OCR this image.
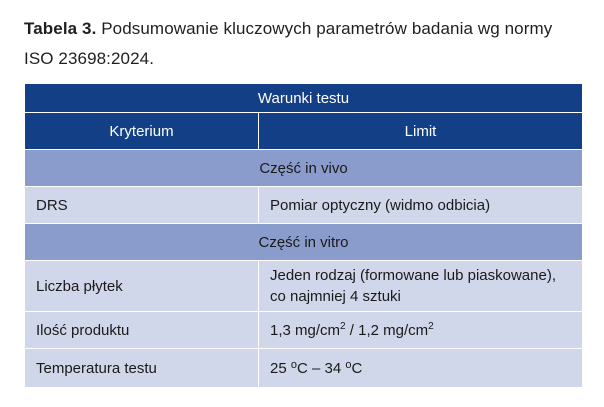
Tabela 3. Podsumowanie kluczowych parametrów badania wg normy
ISO 23698:2024.
Warunki testu	
Kryterium	Limit
Część in vivo	
DRS	Pomiar optyczny (widmo odbicia)
Część in vitro	
Liczba płytek	Jeden rodzaj (formowane lub piaskowane),
co najmniej 4 sztuki
Ilość produktu	1,3 $mg/cm^2 / 1,2$ $mg/cm^2$
Temperatura testu	25 $^o$C – 34 $^o$C
